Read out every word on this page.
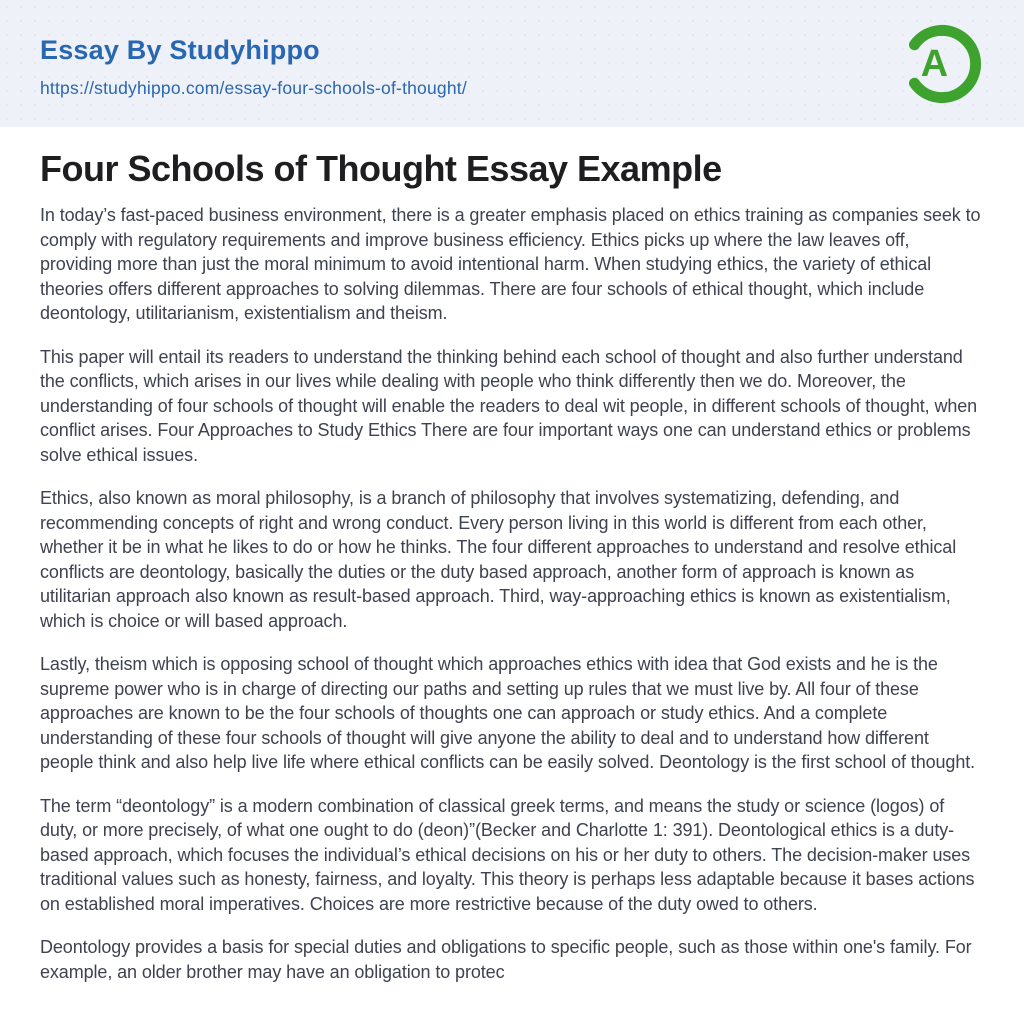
Essay By Studyhippo
https://studyhippo.com/essay-four-schools-of-thought/
A
Four Schools of Thought Essay Example

In today’s fast-paced business environment, there is a greater emphasis placed on ethics training as companies seek to comply with regulatory requirements and improve business efficiency. Ethics picks up where the law leaves off, providing more than just the moral minimum to avoid intentional harm. When studying ethics, the variety of ethical theories offers different approaches to solving dilemmas. There are four schools of ethical thought, which include deontology, utilitarianism, existentialism and theism.

This paper will entail its readers to understand the thinking behind each school of thought and also further understand the conflicts, which arises in our lives while dealing with people who think differently then we do. Moreover, the understanding of four schools of thought will enable the readers to deal wit people, in different schools of thought, when conflict arises. Four Approaches to Study Ethics There are four important ways one can understand ethics or problems solve ethical issues.

Ethics, also known as moral philosophy, is a branch of philosophy that involves systematizing, defending, and recommending concepts of right and wrong conduct. Every person living in this world is different from each other, whether it be in what he likes to do or how he thinks. The four different approaches to understand and resolve ethical conflicts are deontology, basically the duties or the duty based approach, another form of approach is known as utilitarian approach also known as result-based approach. Third, way-approaching ethics is known as existentialism, which is choice or will based approach.

Lastly, theism which is opposing school of thought which approaches ethics with idea that God exists and he is the supreme power who is in charge of directing our paths and setting up rules that we must live by. All four of these approaches are known to be the four schools of thoughts one can approach or study ethics. And a complete understanding of these four schools of thought will give anyone the ability to deal and to understand how different people think and also help live life where ethical conflicts can be easily solved. Deontology is the first school of thought.

The term “deontology” is a modern combination of classical greek terms, and means the study or science (logos) of duty, or more precisely, of what one ought to do (deon)”(Becker and Charlotte 1: 391). Deontological ethics is a duty-based approach, which focuses the individual’s ethical decisions on his or her duty to others. The decision-maker uses traditional values such as honesty, fairness, and loyalty. This theory is perhaps less adaptable because it bases actions on established moral imperatives. Choices are more restrictive because of the duty owed to others.

Deontology provides a basis for special duties and obligations to specific people, such as those within one's family. For example, an older brother may have an obligation to protec
